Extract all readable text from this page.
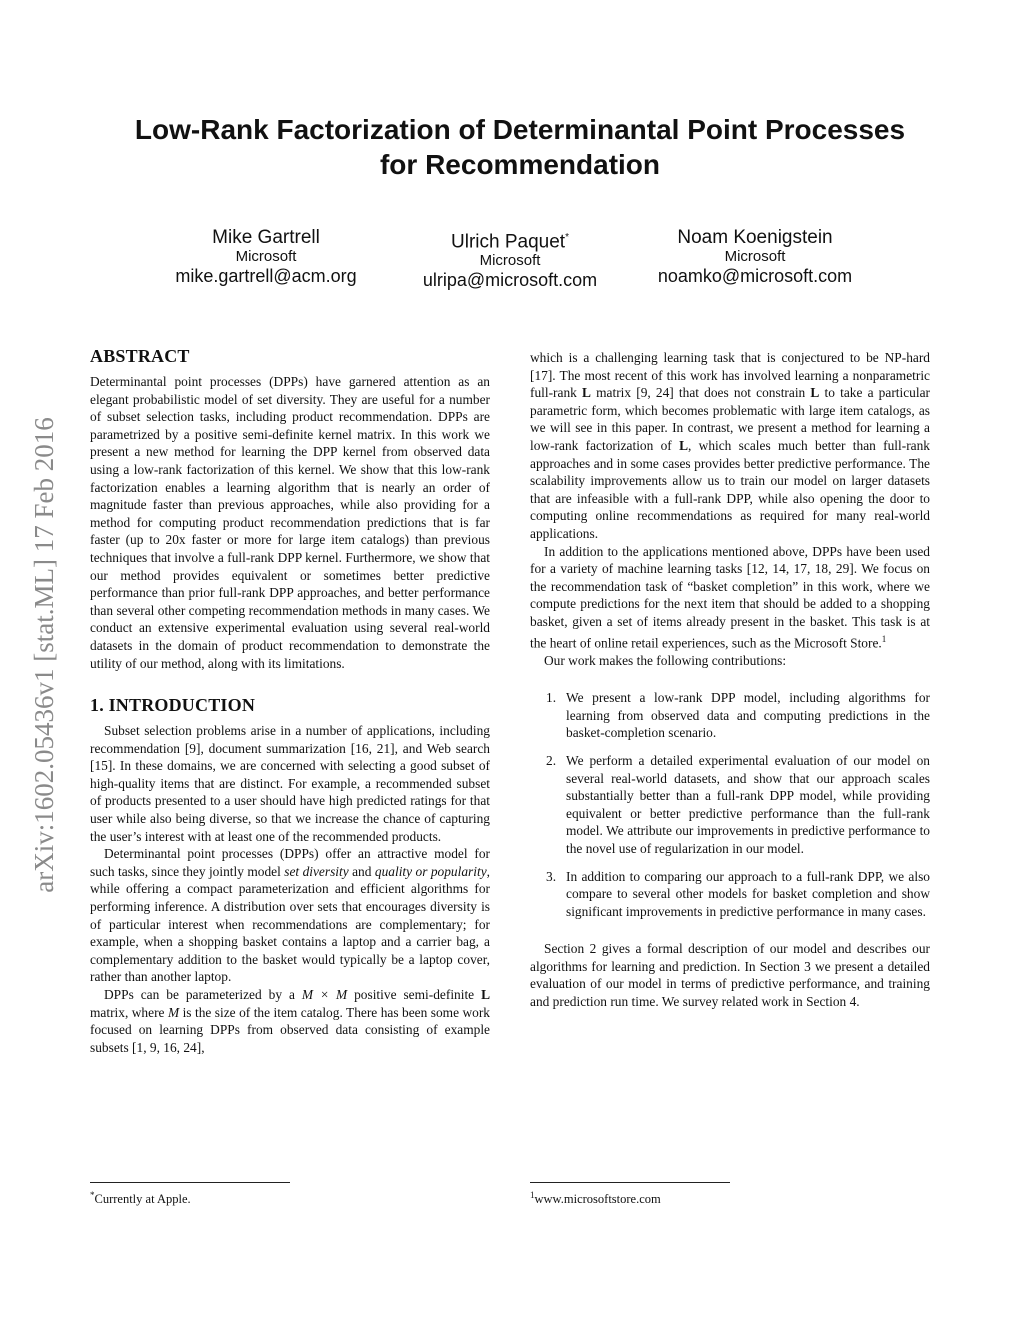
arXiv:1602.05436v1 [stat.ML] 17 Feb 2016
Low-Rank Factorization of Determinantal Point Processes
for Recommendation
Mike Gartrell
Microsoft
mike.gartrell@acm.org
Ulrich Paquet*
Microsoft
ulripa@microsoft.com
Noam Koenigstein
Microsoft
noamko@microsoft.com
ABSTRACT

Determinantal point processes (DPPs) have garnered attention as an elegant probabilistic model of set diversity. They are useful for a number of subset selection tasks, including product recommendation. DPPs are parametrized by a positive semi-definite kernel matrix. In this work we present a new method for learning the DPP kernel from observed data using a low-rank factorization of this kernel. We show that this low-rank factorization enables a learning algorithm that is nearly an order of magnitude faster than previous approaches, while also providing for a method for computing product recommendation predictions that is far faster (up to 20x faster or more for large item catalogs) than previous techniques that involve a full-rank DPP kernel. Furthermore, we show that our method provides equivalent or sometimes better predictive performance than prior full-rank DPP approaches, and better performance than several other competing recommendation methods in many cases. We conduct an extensive experimental evaluation using several real-world datasets in the domain of product recommendation to demonstrate the utility of our method, along with its limitations.

1. INTRODUCTION

Subset selection problems arise in a number of applications, including recommendation [9], document summarization [16, 21], and Web search [15]. In these domains, we are concerned with selecting a good subset of high-quality items that are distinct. For example, a recommended subset of products presented to a user should have high predicted ratings for that user while also being diverse, so that we increase the chance of capturing the user’s interest with at least one of the recommended products.

Determinantal point processes (DPPs) offer an attractive model for such tasks, since they jointly model set diversity and quality or popularity, while offering a compact parameterization and efficient algorithms for performing inference. A distribution over sets that encourages diversity is of particular interest when recommendations are complementary; for example, when a shopping basket contains a laptop and a carrier bag, a complementary addition to the basket would typically be a laptop cover, rather than another laptop.

DPPs can be parameterized by a M × M positive semi-definite L matrix, where M is the size of the item catalog. There has been some work focused on learning DPPs from observed data consisting of example subsets [1, 9, 16, 24],

*Currently at Apple.

which is a challenging learning task that is conjectured to be NP-hard [17]. The most recent of this work has involved learning a nonparametric full-rank L matrix [9, 24] that does not constrain L to take a particular parametric form, which becomes problematic with large item catalogs, as we will see in this paper. In contrast, we present a method for learning a low-rank factorization of L, which scales much better than full-rank approaches and in some cases provides better predictive performance. The scalability improvements allow us to train our model on larger datasets that are infeasible with a full-rank DPP, while also opening the door to computing online recommendations as required for many real-world applications.

In addition to the applications mentioned above, DPPs have been used for a variety of machine learning tasks [12, 14, 17, 18, 29]. We focus on the recommendation task of “basket completion” in this work, where we compute predictions for the next item that should be added to a shopping basket, given a set of items already present in the basket. This task is at the heart of online retail experiences, such as the Microsoft Store.$^1$

Our work makes the following contributions:

1. We present a low-rank DPP model, including algorithms for learning from observed data and computing predictions in the basket-completion scenario.
2. We perform a detailed experimental evaluation of our model on several real-world datasets, and show that our approach scales substantially better than a full-rank DPP model, while providing equivalent or better predictive performance than the full-rank model. We attribute our improvements in predictive performance to the novel use of regularization in our model.
3. In addition to comparing our approach to a full-rank DPP, we also compare to several other models for basket completion and show significant improvements in predictive performance in many cases.

Section 2 gives a formal description of our model and describes our algorithms for learning and prediction. In Section 3 we present a detailed evaluation of our model in terms of predictive performance, and training and prediction run time. We survey related work in Section 4.

$^1$www.microsoftstore.com
